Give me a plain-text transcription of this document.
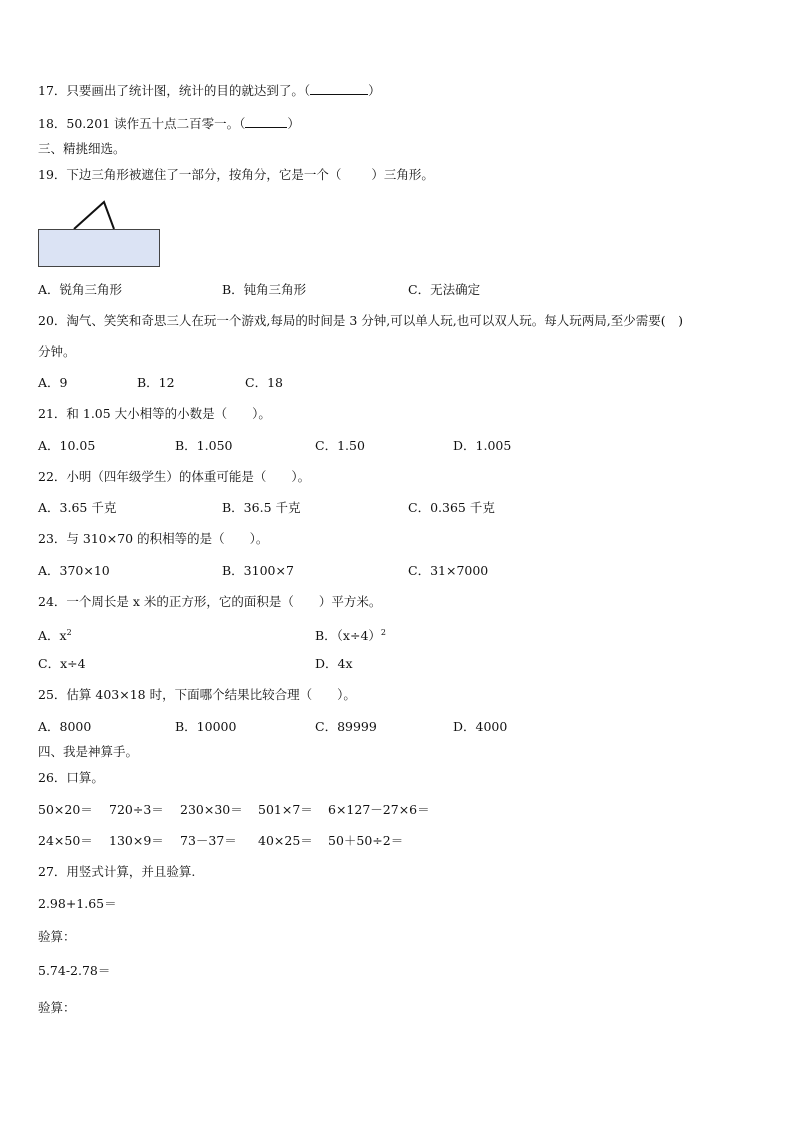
17．只要画出了统计图，统计的目的就达到了。（	）
18．50.201 读作五十点二百零一。（	）
三、精挑细选。
19．下边三角形被遮住了一部分，按角分，它是一个（ ）三角形。
A．锐角三角形	B．钝角三角形	C．无法确定
20．淘气、笑笑和奇思三人在玩一个游戏,每局的时间是 3 分钟,可以单人玩,也可以双人玩。每人玩两局,至少需要(　)
分钟。
A．9	B．12	C．18
21．和 1.05 大小相等的小数是（　　）。
A．10.05	B．1.050	C．1.50	D．1.005
22．小明（四年级学生）的体重可能是（　　）。
A．3.65 千克	B．36.5 千克	C．0.365 千克
23．与 310×70 的积相等的是（　　）。
A．370×10	B．3100×7	C．31×7000
24．一个周长是 x 米的正方形，它的面积是（　　）平方米。
A．$x^2$	B．$(x\div 4)^2$
C．x÷4	D．4x
25．估算 403×18 时，下面哪个结果比较合理（　　）。
A．8000	B．10000	C．89999	D．4000
四、我是神算手。
26．口算。
50×20＝ 720÷3＝ 230×30＝ 501×7＝ 6×127－27×6＝
24×50＝ 130×9＝ 73－37＝ 40×25＝ 50＋50÷2＝
27．用竖式计算，并且验算.
2.98+1.65＝
验算：
5.74-2.78＝
验算：
